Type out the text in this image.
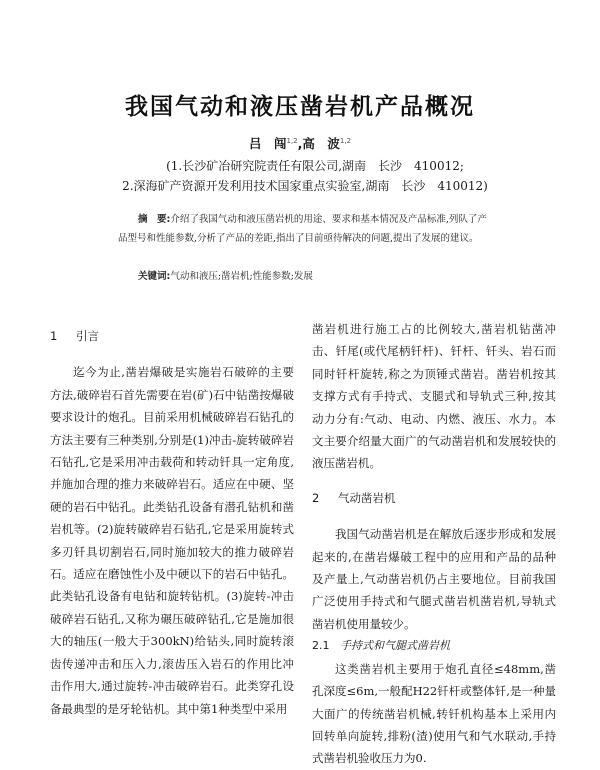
我国气动和液压凿岩机产品概况
吕　闯$^{1,2}$,高　波$^{1,2}$
(1.长沙矿冶研究院责任有限公司,湖南　长沙　410012;
2.深海矿产资源开发利用技术国家重点实验室,湖南　长沙　410012)
摘　要:介绍了我国气动和液压凿岩机的用途、要求和基本情况及产品标准,列队了产品型号和性能参数,分析了产品的差距,指出了目前亟待解决的问题,提出了发展的建议。
关键词:气动和液压;凿岩机;性能参数;发展
1 引言

迄今为止,凿岩爆破是实施岩石破碎的主要方法,破碎岩石首先需要在岩(矿)石中钻凿按爆破要求设计的炮孔。目前采用机械破碎岩石钻孔的方法主要有三种类别,分别是(1)冲击-旋转破碎岩石钻孔,它是采用冲击载荷和转动钎具一定角度,并施加合理的推力来破碎岩石。适应在中硬、坚硬的岩石中钻孔。此类钻孔设备有潜孔钻机和凿岩机等。(2)旋转破碎岩石钻孔,它是采用旋转式多刃钎具切割岩石,同时施加较大的推力破碎岩石。适应在磨蚀性小及中硬以下的岩石中钻孔。此类钻孔设备有电钻和旋转钻机。(3)旋转-冲击破碎岩石钻孔,又称为碾压破碎钻孔,它是施加很大的轴压(一般大于300kN)给钻头,同时旋转滚齿传递冲击和压入力,滚齿压入岩石的作用比冲击作用大,通过旋转-冲击破碎岩石。此类穿孔设备最典型的是牙轮钻机。其中第1种类型中采用

凿岩机进行施工占的比例较大,凿岩机钻凿冲击、钎尾(或代尾柄钎杆)、钎杆、钎头、岩石而同时钎杆旋转,称之为顶锤式凿岩。凿岩机按其支撑方式有手持式、支腿式和导轨式三种,按其动力分有:气动、电动、内燃、液压、水力。本文主要介绍量大面广的气动凿岩机和发展较快的液压凿岩机。

2 气动凿岩机

我国气动凿岩机是在解放后逐步形成和发展起来的,在凿岩爆破工程中的应用和产品的品种及产量上,气动凿岩机仍占主要地位。目前我国广泛使用手持式和气腿式凿岩机凿岩机,导轨式凿岩机使用量较少。

2.1 手持式和气腿式凿岩机

这类凿岩机主要用于炮孔直径≤48mm,凿孔深度≤6m,一般配H22钎杆或整体钎,是一种量大面广的传统凿岩机械,转钎机构基本上采用内回转单向旋转,排粉(渣)使用气和气水联动,手持式凿岩机验收压力为0.
